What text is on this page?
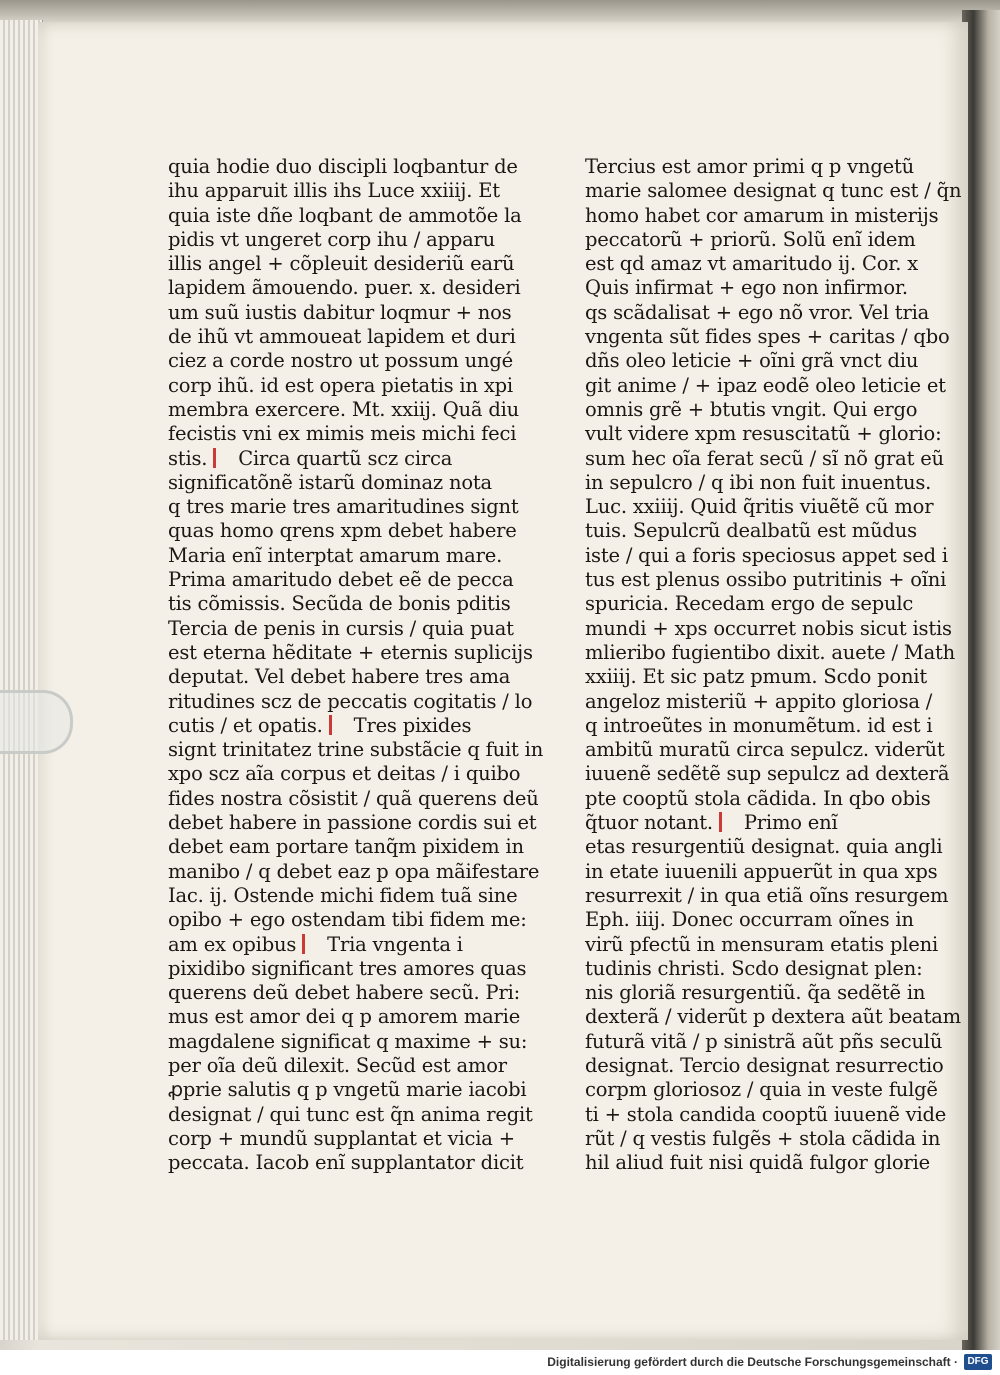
quia hodie duo discipli loqbantur de
ihu apparuit illis ihs Luce xxiiij. Et
quia iste dñe loqbant de ammotõe la
pidis vt ungeret corp ihu / apparu
illis angel + cõpleuit desideriũ earũ
lapidem ãmouendo. puer. x. desideri
um suũ iustis dabitur loqmur + nos
de ihũ vt ammoueat lapidem et duri
ciez a corde nostro ut possum ungé
corp ihũ. id est opera pietatis in xpi
membra exercere. Mt. xxiij. Quã diu
fecistis vni ex mimis meis michi feci
stis.  Circa quartũ scz circa
significatõnẽ istarũ dominaz nota
q tres marie tres amaritudines signt
quas homo qrens xpm debet habere
Maria enĩ interptat amarum mare.
Prima amaritudo debet eẽ de pecca
tis cõmissis. Secũda de bonis pditis
Tercia de penis in cursis / quia puat
est eterna hẽditate + eternis suplicijs
deputat. Vel debet habere tres ama
ritudines scz de peccatis cogitatis / lo
cutis / et opatis.  Tres pixides
signt trinitatez trine substãcie q fuit in
xpo scz aĩa corpus et deitas / i quibo
fides nostra cõsistit / quã querens deũ
debet habere in passione cordis sui et
debet eam portare tanq̃m pixidem in
manibo / q debet eaz p opa mãifestare
Iac. ij. Ostende michi fidem tuã sine
opibo + ego ostendam tibi fidem me:
am ex opibus  Tria vngenta i
pixidibo significant tres amores quas
querens deũ debet habere secũ. Pri:
mus est amor dei q p amorem marie
magdalene significat q maxime + su:
per oĩa deũ dilexit. Secũd est amor
ꝓprie salutis q p vngetũ marie iacobi
designat / qui tunc est q̃n anima regit
corp + mundũ supplantat et vicia +
peccata. Iacob enĩ supplantator dicit
Tercius est amor primi q p vngetũ
marie salomee designat q tunc est / q̃n
homo habet cor amarum in misterijs
peccatorũ + priorũ. Solũ enĩ idem
est qd amaz vt amaritudo ij. Cor. x
Quis infirmat + ego non infirmor.
qs scãdalisat + ego nõ vror. Vel tria
vngenta sũt fides spes + caritas / qbo
dñs oleo leticie + oĩni grã vnct diu
git anime / + ipaz eodẽ oleo leticie et
omnis grẽ + btutis vngit. Qui ergo
vult videre xpm resuscitatũ + glorio:
sum hec oĩa ferat secũ / sĩ nõ grat eũ
in sepulcro / q ibi non fuit inuentus.
Luc. xxiiij. Quid q̃ritis viuẽtẽ cũ mor
tuis. Sepulcrũ dealbatũ est mũdus
iste / qui a foris speciosus appet sed i
tus est plenus ossibo putritinis + oĩni
spuricia. Recedam ergo de sepulc
mundi + xps occurret nobis sicut istis
mlieribo fugientibo dixit. auete / Math
xxiiij. Et sic patz pmum. Scdo ponit
angeloz misteriũ + appito gloriosa /
q introeũtes in monumẽtum. id est i
ambitũ muratũ circa sepulcz. viderũt
iuuenẽ sedẽtẽ sup sepulcz ad dexterã
pte cooptũ stola cãdida. In qbo obis
q̃tuor notant.  Primo enĩ
etas resurgentiũ designat. quia angli
in etate iuuenili appuerũt in qua xps
resurrexit / in qua etiã oĩns resurgem
Eph. iiij. Donec occurram oĩnes in
virũ pfectũ in mensuram etatis pleni
tudinis christi. Scdo designat plen:
nis gloriã resurgentiũ. q̃a sedẽtẽ in
dexterã / viderũt p dextera aũt beatam
futurã vitã / p sinistrã aũt pñs seculũ
designat. Tercio designat resurrectio
corpm gloriosoz / quia in veste fulgẽ
ti + stola candida cooptũ iuuenẽ vide
rũt / q vestis fulgẽs + stola cãdida in
hil aliud fuit nisi quidã fulgor glorie
Digitalisierung gefördert durch die Deutsche Forschungsgemeinschaft · DFG
